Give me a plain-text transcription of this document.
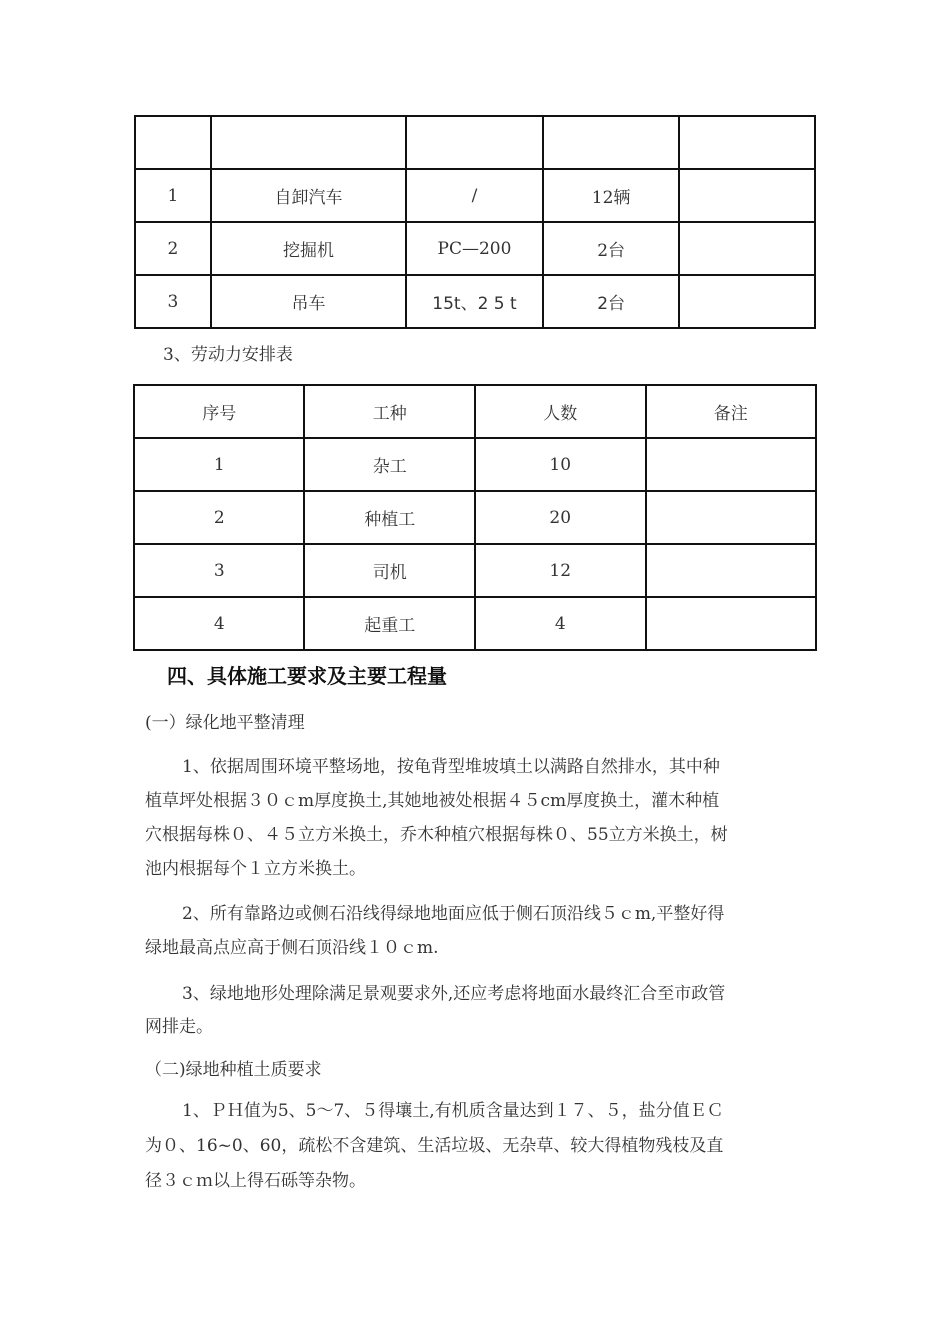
1	自卸汽车	/	12辆	
2	挖掘机	PC—200	2台	
3	吊车	15t、2 5 t	2台	
3、劳动力安排表
序号	工种	人数	备注
1	杂工	10	
2	种植工	20	
3	司机	12	
4	起重工	4	
四、具体施工要求及主要工程量
(一）绿化地平整清理
1、依据周围环境平整场地，按龟背型堆坡填土以满路自然排水，其中种
植草坪处根据３０ｃm厚度换土,其她地被处根据４５cm厚度换土，灌木种植
穴根据每株０、４５立方米换土，乔木种植穴根据每株０、55立方米换土，树
池内根据每个１立方米换土。
2、所有靠路边或侧石沿线得绿地地面应低于侧石顶沿线５ｃm,平整好得
绿地最高点应高于侧石顶沿线１０ｃm.
3、绿地地形处理除满足景观要求外,还应考虑将地面水最终汇合至市政管
网排走。
（二)绿地种植土质要求
1、ＰＨ值为5、5～7、５得壤土,有机质含量达到１７、５，盐分值ＥＣ
为０、16~0、60，疏松不含建筑、生活垃圾、无杂草、较大得植物残枝及直
径３ｃｍ以上得石砾等杂物。
